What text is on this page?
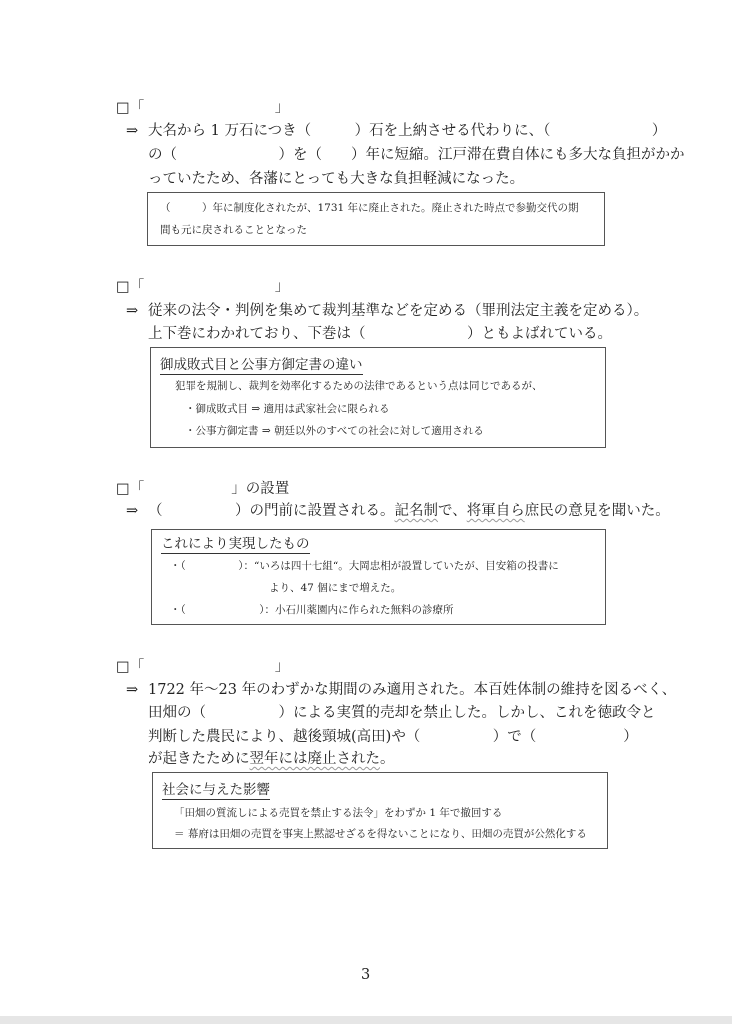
□「　　　　　　　　　」
⇒ 大名から 1 万石につき（　　　）石を上納させる代わりに、（　　　　　　　）
の（　　　　　　　）を（　　）年に短縮。江戸滞在費自体にも多大な負担がかか
っていたため、各藩にとっても大きな負担軽減になった。
（　　　）年に制度化されたが、1731 年に廃止された。廃止された時点で参勤交代の期
間も元に戻されることとなった
□「　　　　　　　　　」
⇒ 従来の法令・判例を集めて裁判基準などを定める（罪刑法定主義を定める）。
上下巻にわかれており、下巻は（　　　　　　　）ともよばれている。
御成敗式目と公事方御定書の違い
犯罪を規制し、裁判を効率化するための法律であるという点は同じであるが、
・御成敗式目 ⇒ 適用は武家社会に限られる
・公事方御定書 ⇒ 朝廷以外のすべての社会に対して適用される
□「　　　　　　」の設置
⇒ （　　　　　）の門前に設置される。記名制で、将軍自ら庶民の意見を聞いた。
これにより実現したもの
・（　　　　　）：“いろは四十七組“。大岡忠相が設置していたが、目安箱の投書に
より、47 個にまで増えた。
・（　　　　　　　）：小石川薬園内に作られた無料の診療所
□「　　　　　　　　　」
⇒ 1722 年～23 年のわずかな期間のみ適用された。本百姓体制の維持を図るべく、
田畑の（　　　　　）による実質的売却を禁止した。しかし、これを徳政令と
判断した農民により、越後頸城(高田)や（　　　　　）で（　　　　　　）
が起きたために翌年には廃止された。
社会に与えた影響
「田畑の質流しによる売買を禁止する法令」をわずか 1 年で撤回する
＝ 幕府は田畑の売買を事実上黙認せざるを得ないことになり、田畑の売買が公然化する
3
